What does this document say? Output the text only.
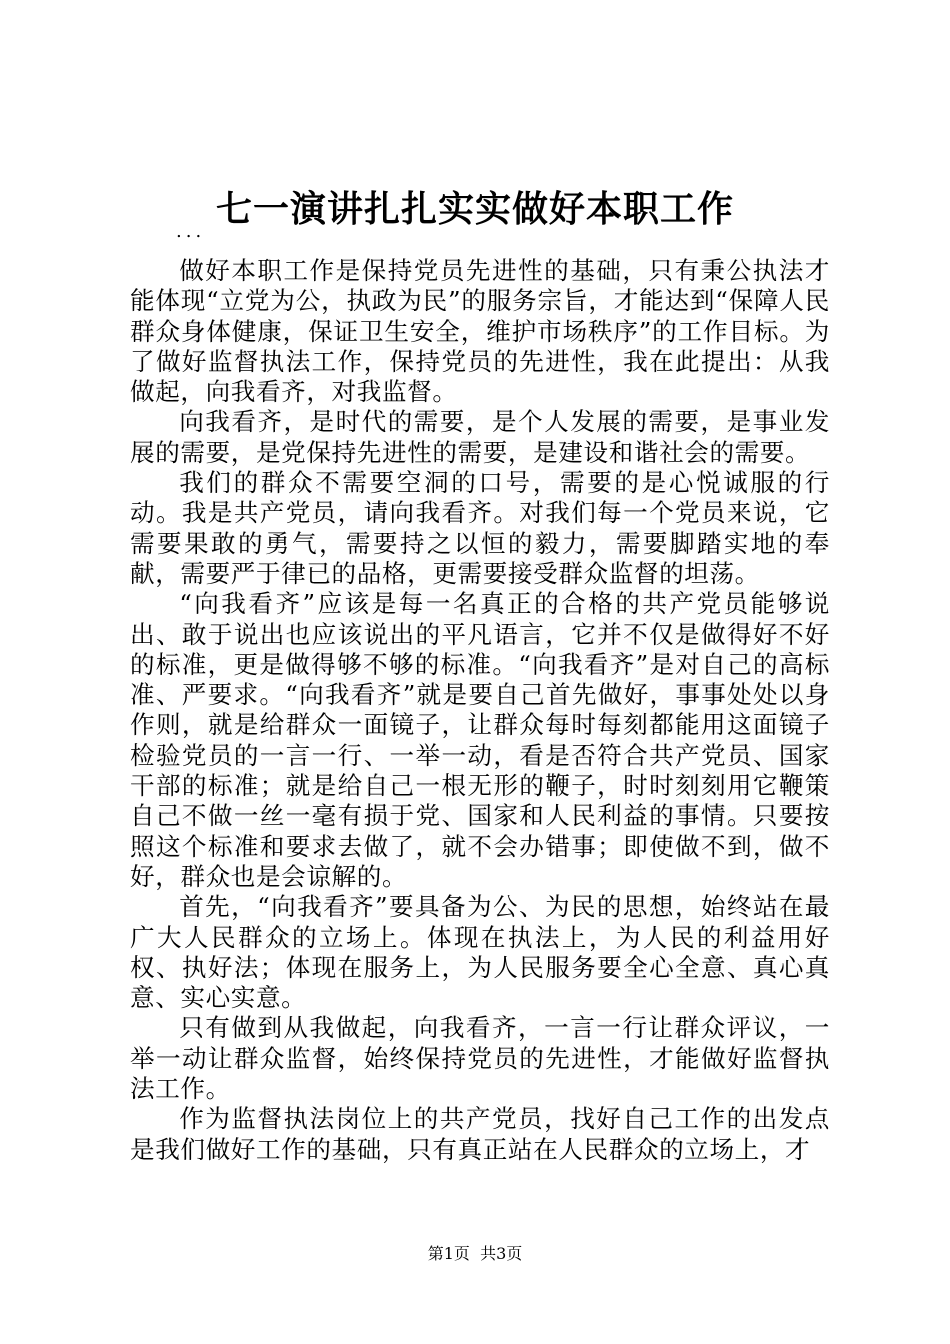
七一演讲扎扎实实做好本职工作
...

做好本职工作是保持党员先进性的基础，只有秉公执法才能体现“立党为公，执政为民”的服务宗旨，才能达到“保障人民群众身体健康，保证卫生安全，维护市场秩序”的工作目标。为了做好监督执法工作，保持党员的先进性，我在此提出：从我做起，向我看齐，对我监督。

向我看齐，是时代的需要，是个人发展的需要，是事业发展的需要，是党保持先进性的需要，是建设和谐社会的需要。

我们的群众不需要空洞的口号，需要的是心悦诚服的行动。我是共产党员，请向我看齐。对我们每一个党员来说，它需要果敢的勇气，需要持之以恒的毅力，需要脚踏实地的奉献，需要严于律已的品格，更需要接受群众监督的坦荡。

“向我看齐”应该是每一名真正的合格的共产党员能够说出、敢于说出也应该说出的平凡语言，它并不仅是做得好不好的标准，更是做得够不够的标准。“向我看齐”是对自己的高标准、严要求。“向我看齐”就是要自己首先做好，事事处处以身作则，就是给群众一面镜子，让群众每时每刻都能用这面镜子检验党员的一言一行、一举一动，看是否符合共产党员、国家干部的标准；就是给自己一根无形的鞭子，时时刻刻用它鞭策自己不做一丝一毫有损于党、国家和人民利益的事情。只要按照这个标准和要求去做了，就不会办错事；即使做不到，做不好，群众也是会谅解的。

首先，“向我看齐”要具备为公、为民的思想，始终站在最广大人民群众的立场上。体现在执法上，为人民的利益用好权、执好法；体现在服务上，为人民服务要全心全意、真心真意、实心实意。

只有做到从我做起，向我看齐，一言一行让群众评议，一举一动让群众监督，始终保持党员的先进性，才能做好监督执法工作。

作为监督执法岗位上的共产党员，找好自己工作的出发点是我们做好工作的基础，只有真正站在人民群众的立场上，才

第1页  共3页
